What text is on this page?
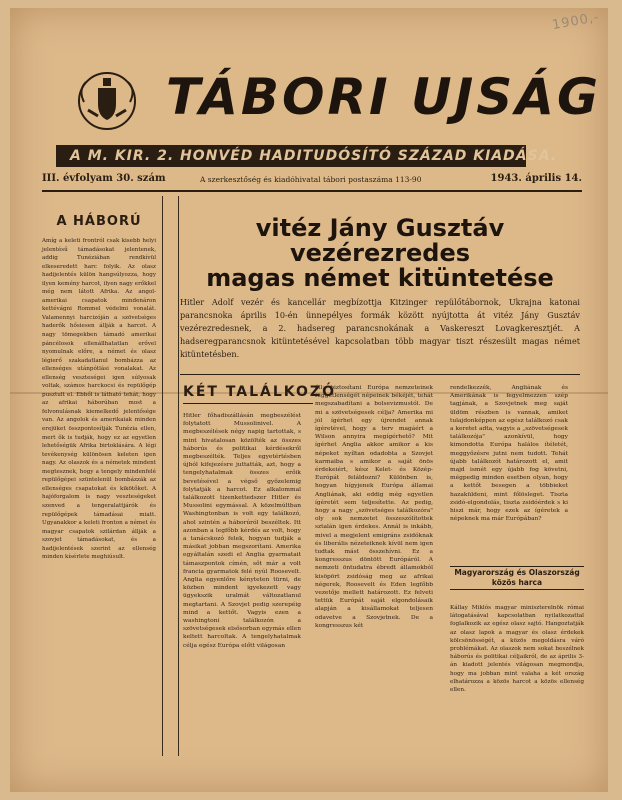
1900,-
TÁBORI UJSÁG
A M. KIR. 2. HONVÉD HADITUDÓSÍTÓ SZÁZAD KIADÁSA.
III. évfolyam 30. szám	A szerkesztőség és kiadóhivatal tábori postaszáma 113-90	1943. április 14.
A HÁBORÚ

Amíg a keleti frontról csak kisebb helyi jelentésű támadásokat jelentenek, addig Tunéziában rendkívül elkeseredett harc folyik. Az olasz hadijelentés külön hangsúlyozza, hogy ilyen kemény harcot, ilyen nagy erőkkel még nem látott Afrika. Az angol-amerikai csapatok mindenáron kettévágni Rommel védelmi vonalát. Valamennyi harcizóján a szövetséges haderők hősiesen állják a harcot. A nagy tömegekben támadó amerikai páncélosok ellenállhatatlan erővel nyomulnak előre, a német és olasz légierő szakadatlanul bombázza az ellenséges utánpótlási vonalakat. Az ellenség veszteségei igen súlyosak voltak, számos harckocsi és repülőgép pusztult el. Ebből is látható tehát, hogy az afrikai háborúban most a felvonulásnak kiemelkedő jelentősége van. Az angolok és amerikaiak minden erejüket összpontosítják Tunézia ellen, mert ők is tudják, hogy ez az egyetlen lehetőségük Afrika birtoklására. A légi tevékenység különösen keleten igen nagy. Az olaszok és a németek mindent megtesznek, hogy a tengely mindenfelé repülőgépei szüntelenül bombázzák az ellenséges csapatokat és kikötőket. A hajóforgalom is nagy veszteségeket szenved a tengeralattjárók és repülőgépek támadásai miatt. Ugyanakkor a keleti fronton a német és magyar csapatok szilárdan állják a szovjet támadásokat, és a hadijelentések szerint az ellenség minden kísérlete meghiúsult.

vitéz Jány Gusztáv
vezérezredes
magas német kitüntetése
Hitler Adolf vezér és kancellár megbízottja Kitzinger repülőtábornok, Ukrajna katonai parancsnoka április 10-én ünnepélyes formák között nyújtotta át vitéz Jány Gusztáv vezérezredesnek, a 2. hadsereg parancsnokának a Vaskereszt Lovagkeresztjét. A hadseregparancsnok kitüntetésével kapcsolatban több magyar tiszt részesült magas német kitüntetésben.
KÉT TALÁLKOZÓ
Hitler főhadiszállásán megbeszélést folytatott Mussolinivel. A megbeszélések négy napig tartottak, s mint hivatalosan közölték az összes háborús és politikai kérdésekről megbeszélték. Teljes egyetértésben újból kifejezésre juttatták, azt, hogy a tengelyhatalmak összes erőik bevetésével a végső győzelemig folytatják a harcot. Ez alkalommal találkozott tizenkettedszer Hitler és Mussolini egymással. A közelmúltban Washingtonban is volt egy találkozó, ahol szintén a háborúról beszéltek. Itt azonban a legfőbb kérdés az volt, hogy a tanácskozó felek, hogyan tudják a másikat jobban megszorítani. Amerika egyáltalán szedi el Anglia gyarmatait támaszpontok címén, sőt már a volt francia gyarmatok felé nyúl Roosevelt. Anglia egyenlőre kényteten türni, de közben mindent igyekezett vagy ügyekszik uralmát változatlanul megtartani. A Szovjet pedig szerepéig mind a kettőt. Vagyis ezen a washingtoni találkozón a szövetségesek elsősorban egymás ellen keltett harcoltak. A tengelyhatalmak célja egész Európa előtt világosan
áll: biztosítani Európa nemzeteinek függetlenségét népeinek békéjét, tehát megszabadítani a bolsevizmustól. De mi a szövetségesek célja? Amerika mi jól ígérhet egy újrendet annak ígéretével, hogy a terv magáért a Wilson annyira megígérhető? Mit ígérhet Anglia akkor amikor a kis népeket nyíltan odadobta a Szovjet karmaiba s amikor a saját önös érdekeiért, kész Kelet- és Közép-Európát feláldozni? Különben is, hogyan hígyjenek Európa államai Angliának, aki eddig még egyetlen ígéretét sem teljesítette. Az pedig, hogy a nagy „szövetséges találkozóra" oly sok nemzetet összeszólítottek sztalán igen érdekes. Annál is inkább, mivel a megjelent emigráns zsidóknak és liberális nézeteiknek kívül nem igen tudtak mást összehívni. Ez a kongresszus döntött Európáról. A nemzeti öntudatra ébredt államokból kisöpört zsidóság meg az afrikai négerek, Roosevelt és Eden legfőbb vezetője mellett határozott. Ez felveti tettük Európát saját elgondolásaik alapján a kisállamokat teljesen odavetve a Szovjetnek. De a kongresszus két
rendelkezzék, Angliának és Amerikának is fegyelmezzen szép tagjának, a Szovjetnek meg saját üldöm részben is vannak, amiket tulajdonképpen az egész találkozó csak a keretet adta, vagyis a „szövetségesek találkozója" azonkívül, hogy kimondotta Európa halálos ítéletét, meggyőzésre jutni nem tudott. Tehát újabb találkozót határozott el, amit majd ismét egy újabb fog követni, mégpedig minden esetben olyan, hogy a kettőt besegen a többieket hazaküldeni, mint főlösleget. Tiszta zsidó-elgondolás, tiszta zsidóérdek s ki hiszi már, hogy ezek az ígéretek a népeknek ma már Európában?
Magyarország és Olaszország közös harca
Kállay Miklós magyar miniszterelnök római látogatásával kapcsolatban nyilatkozattal foglalkozik az egész olasz sajtó. Hangoztatják az olasz lapok a magyar és olasz érdekek kölcsönösségét, a közös megoldásra váró problémákat. Az olaszok nem sokat beszélnek háborús és politikai céljaikról, de az április 3-án kiadott jelentés világosan megmondja, hogy ma jobban mint valaha a két ország elhatározza a közös harcot a közös ellenség ellen.
